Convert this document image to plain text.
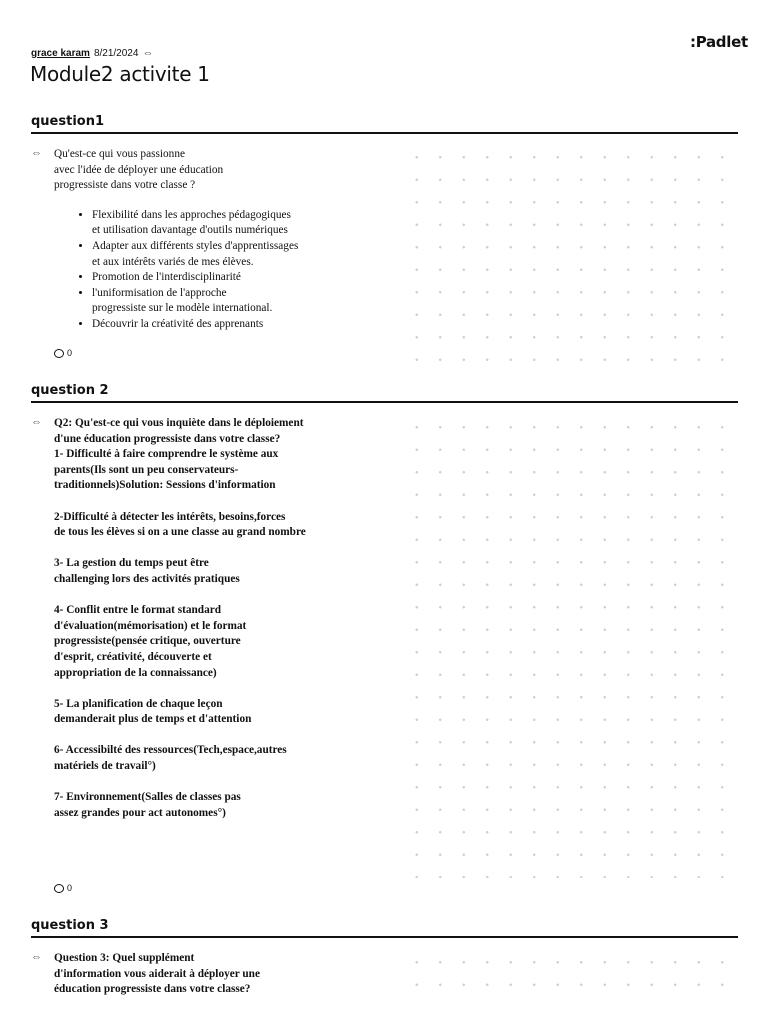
:Padlet
grace karam 8/21/2024 ⇔
Module2 activite 1
question1
⇔ Qu'est-ce qui vous passionne
avec l'idée de déployer une éducation
progressiste dans votre classe ?

• Flexibilité dans les approches pédagogiques
et utilisation davantage d'outils numériques
• Adapter aux différents styles d'apprentissages
et aux intérêts variés de mes élèves.
• Promotion de l'interdisciplinarité
• l'uniformisation de l'approche
progressiste sur le modèle international.
• Découvrir la créativité des apprenants
0
question 2
⇔ Q2: Qu'est-ce qui vous inquiète dans le déploiement
d'une éducation progressiste dans votre classe?
1- Difficulté à faire comprendre le système aux
parents(Ils sont un peu conservateurs-
traditionnels)Solution: Sessions d'information

2-Difficulté à détecter les intérêts, besoins,forces
de tous les élèves si on a une classe au grand nombre

3- La gestion du temps peut être
challenging lors des activités pratiques

4- Conflit entre le format standard
d'évaluation(mémorisation) et le format
progressiste(pensée critique, ouverture
d'esprit, créativité, découverte et
appropriation de la connaissance)

5- La planification de chaque leçon
demanderait plus de temps et d'attention

6- Accessibilté des ressources(Tech,espace,autres
matériels de travail°)

7- Environnement(Salles de classes pas
assez grandes pour act autonomes°)

0
question 3
⇔ Question 3: Quel supplément
d'information vous aiderait à déployer une
éducation progressiste dans votre classe?
